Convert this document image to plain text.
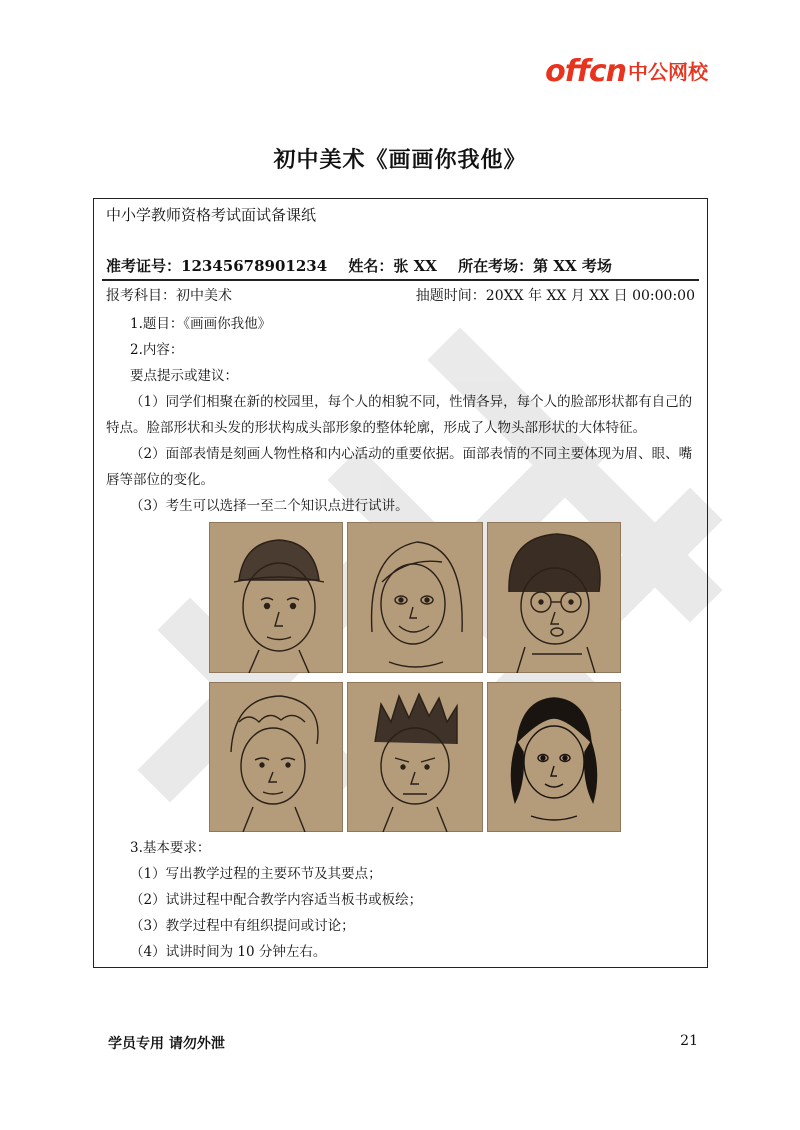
offcn 中公网校
初中美术《画画你我他》
中小学教师资格考试面试备课纸
准考证号：12345678901234 姓名：张 XX 所在考场：第 XX 考场
报考科目：初中美术	抽题时间：20XX 年 XX 月 XX 日 00:00:00
1.题目：《画画你我他》
2.内容：
要点提示或建议：
（1）同学们相聚在新的校园里，每个人的相貌不同，性情各异，每个人的脸部形状都有自己的特点。脸部形状和头发的形状构成头部形象的整体轮廓，形成了人物头部形状的大体特征。
（2）面部表情是刻画人物性格和内心活动的重要依据。面部表情的不同主要体现为眉、眼、嘴唇等部位的变化。
（3）考生可以选择一至二个知识点进行试讲。
3.基本要求：
（1）写出教学过程的主要环节及其要点；
（2）试讲过程中配合教学内容适当板书或板绘；
（3）教学过程中有组织提问或讨论；
（4）试讲时间为 10 分钟左右。
学员专用 请勿外泄	21
